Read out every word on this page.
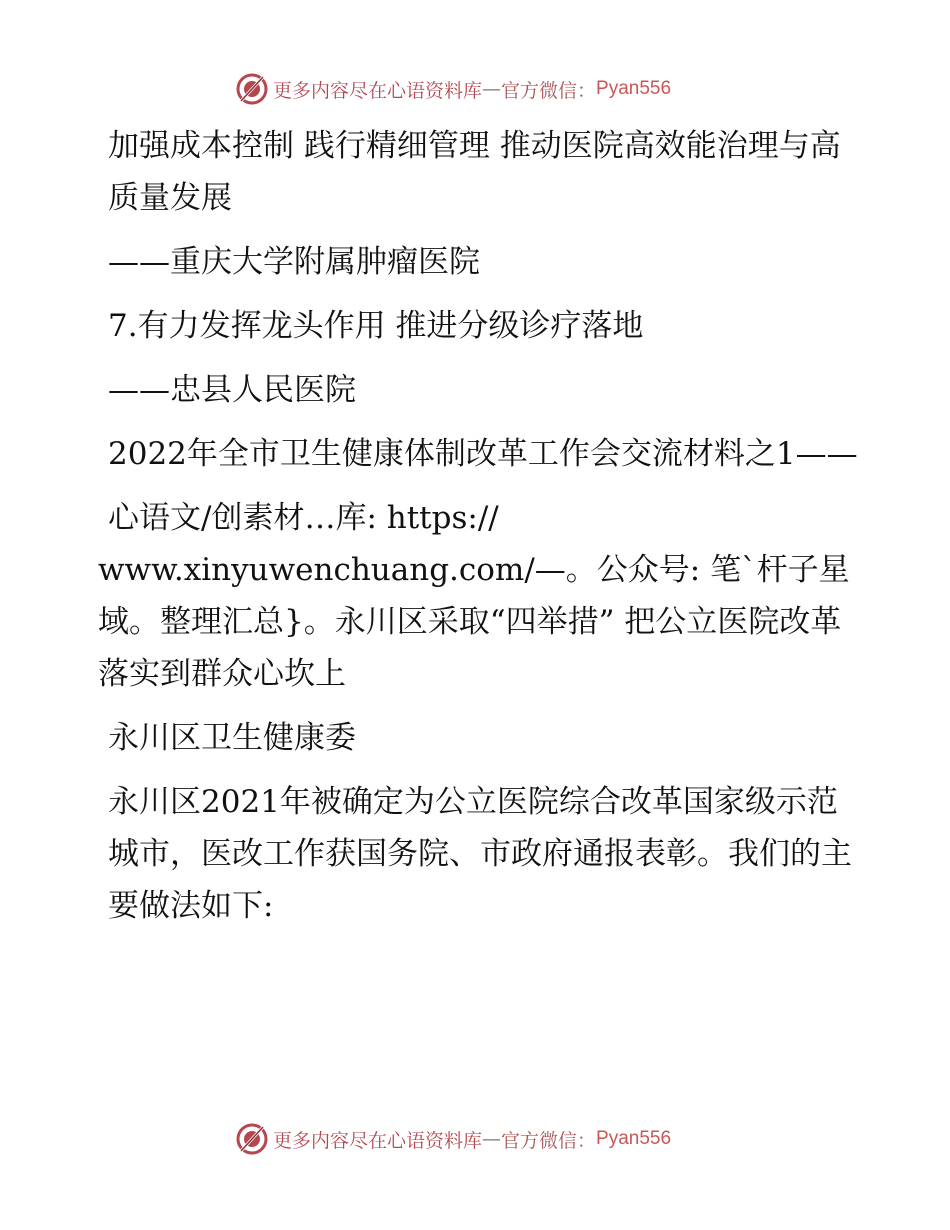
更多内容尽在心语资料库 — 官方微信： Pyan556

加强成本控制 践行精细管理 推动医院高效能治理与高质量发展

——重庆大学附属肿瘤医院

7.有力发挥龙头作用 推进分级诊疗落地

——忠县人民医院

2022年全市卫生健康体制改革工作会交流材料之1——

心语文/创素材…库: https://

www.xinyuwenchuang.com/—。公众号: 笔`杆子星域。整理汇总}。永川区采取“四举措” 把公立医院改革落实到群众心坎上

永川区卫生健康委

永川区2021年被确定为公立医院综合改革国家级示范城市，医改工作获国务院、市政府通报表彰。我们的主要做法如下:

更多内容尽在心语资料库 — 官方微信： Pyan556
